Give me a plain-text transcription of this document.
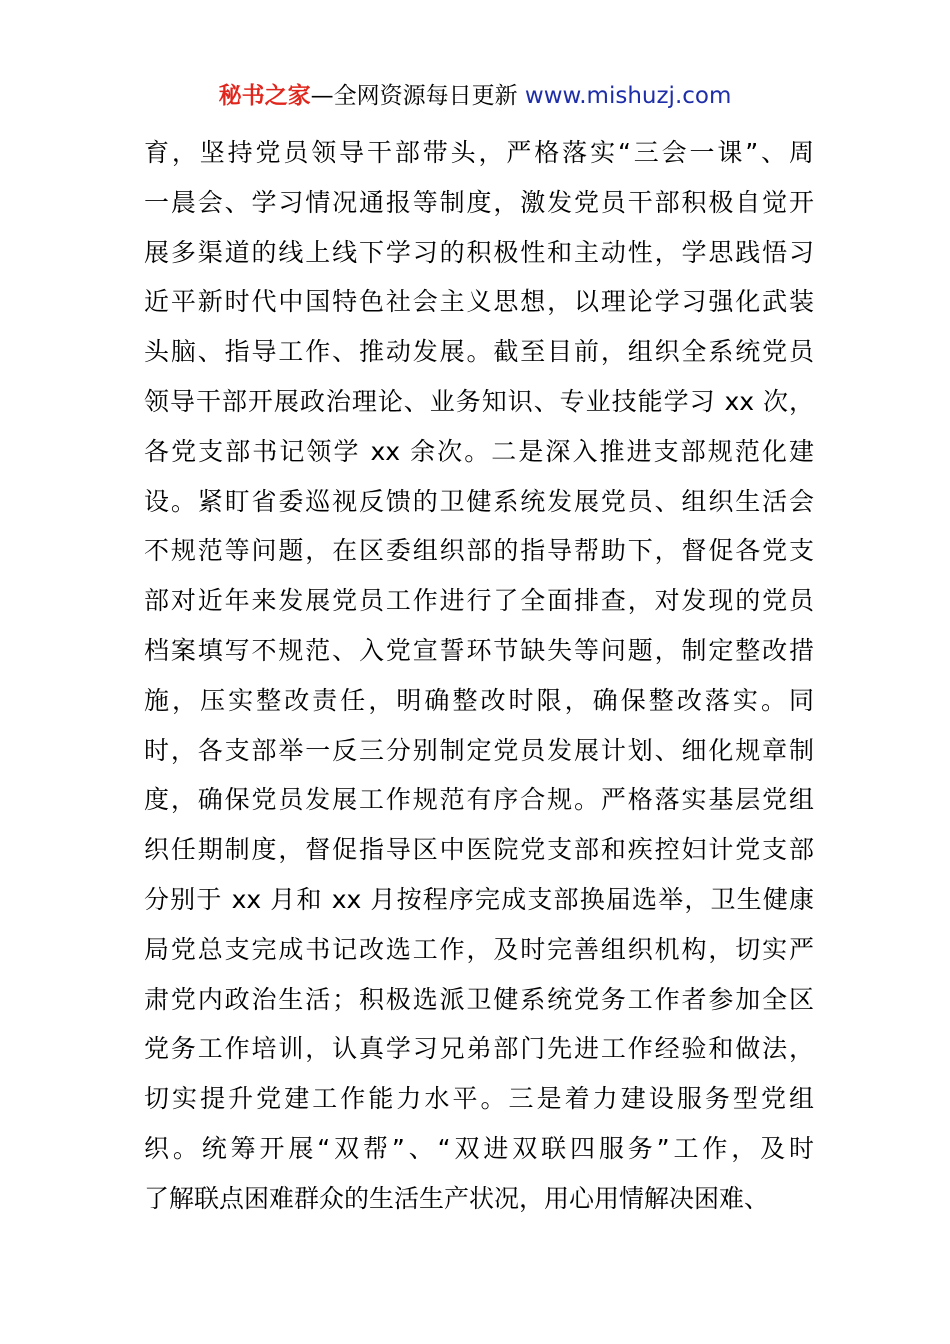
秘书之家—全网资源每日更新 www.mishuzj.com
育，坚持党员领导干部带头，严格落实“三会一课”、周
一晨会、学习情况通报等制度，激发党员干部积极自觉开
展多渠道的线上线下学习的积极性和主动性，学思践悟习
近平新时代中国特色社会主义思想，以理论学习强化武装
头脑、指导工作、推动发展。截至目前，组织全系统党员
领导干部开展政治理论、业务知识、专业技能学习 xx 次，
各党支部书记领学 xx 余次。二是深入推进支部规范化建
设。紧盯省委巡视反馈的卫健系统发展党员、组织生活会
不规范等问题，在区委组织部的指导帮助下，督促各党支
部对近年来发展党员工作进行了全面排查，对发现的党员
档案填写不规范、入党宣誓环节缺失等问题，制定整改措
施，压实整改责任，明确整改时限，确保整改落实。同
时，各支部举一反三分别制定党员发展计划、细化规章制
度，确保党员发展工作规范有序合规。严格落实基层党组
织任期制度，督促指导区中医院党支部和疾控妇计党支部
分别于 xx 月和 xx 月按程序完成支部换届选举，卫生健康
局党总支完成书记改选工作，及时完善组织机构，切实严
肃党内政治生活；积极选派卫健系统党务工作者参加全区
党务工作培训，认真学习兄弟部门先进工作经验和做法，
切实提升党建工作能力水平。三是着力建设服务型党组
织。统筹开展“双帮”、“双进双联四服务”工作，及时
了解联点困难群众的生活生产状况，用心用情解决困难、
